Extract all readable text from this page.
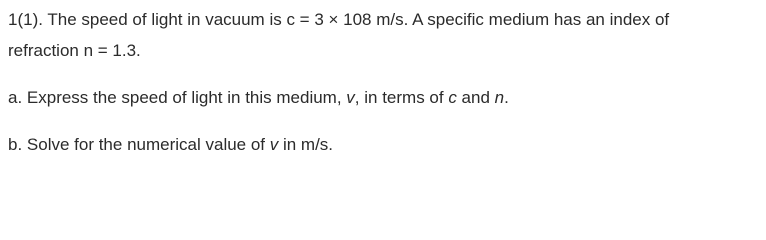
1(1). The speed of light in vacuum is c = 3 × 108 m/s. A specific medium has an index of
refraction n = 1.3.
a. Express the speed of light in this medium, v, in terms of c and n.
b. Solve for the numerical value of v in m/s.
